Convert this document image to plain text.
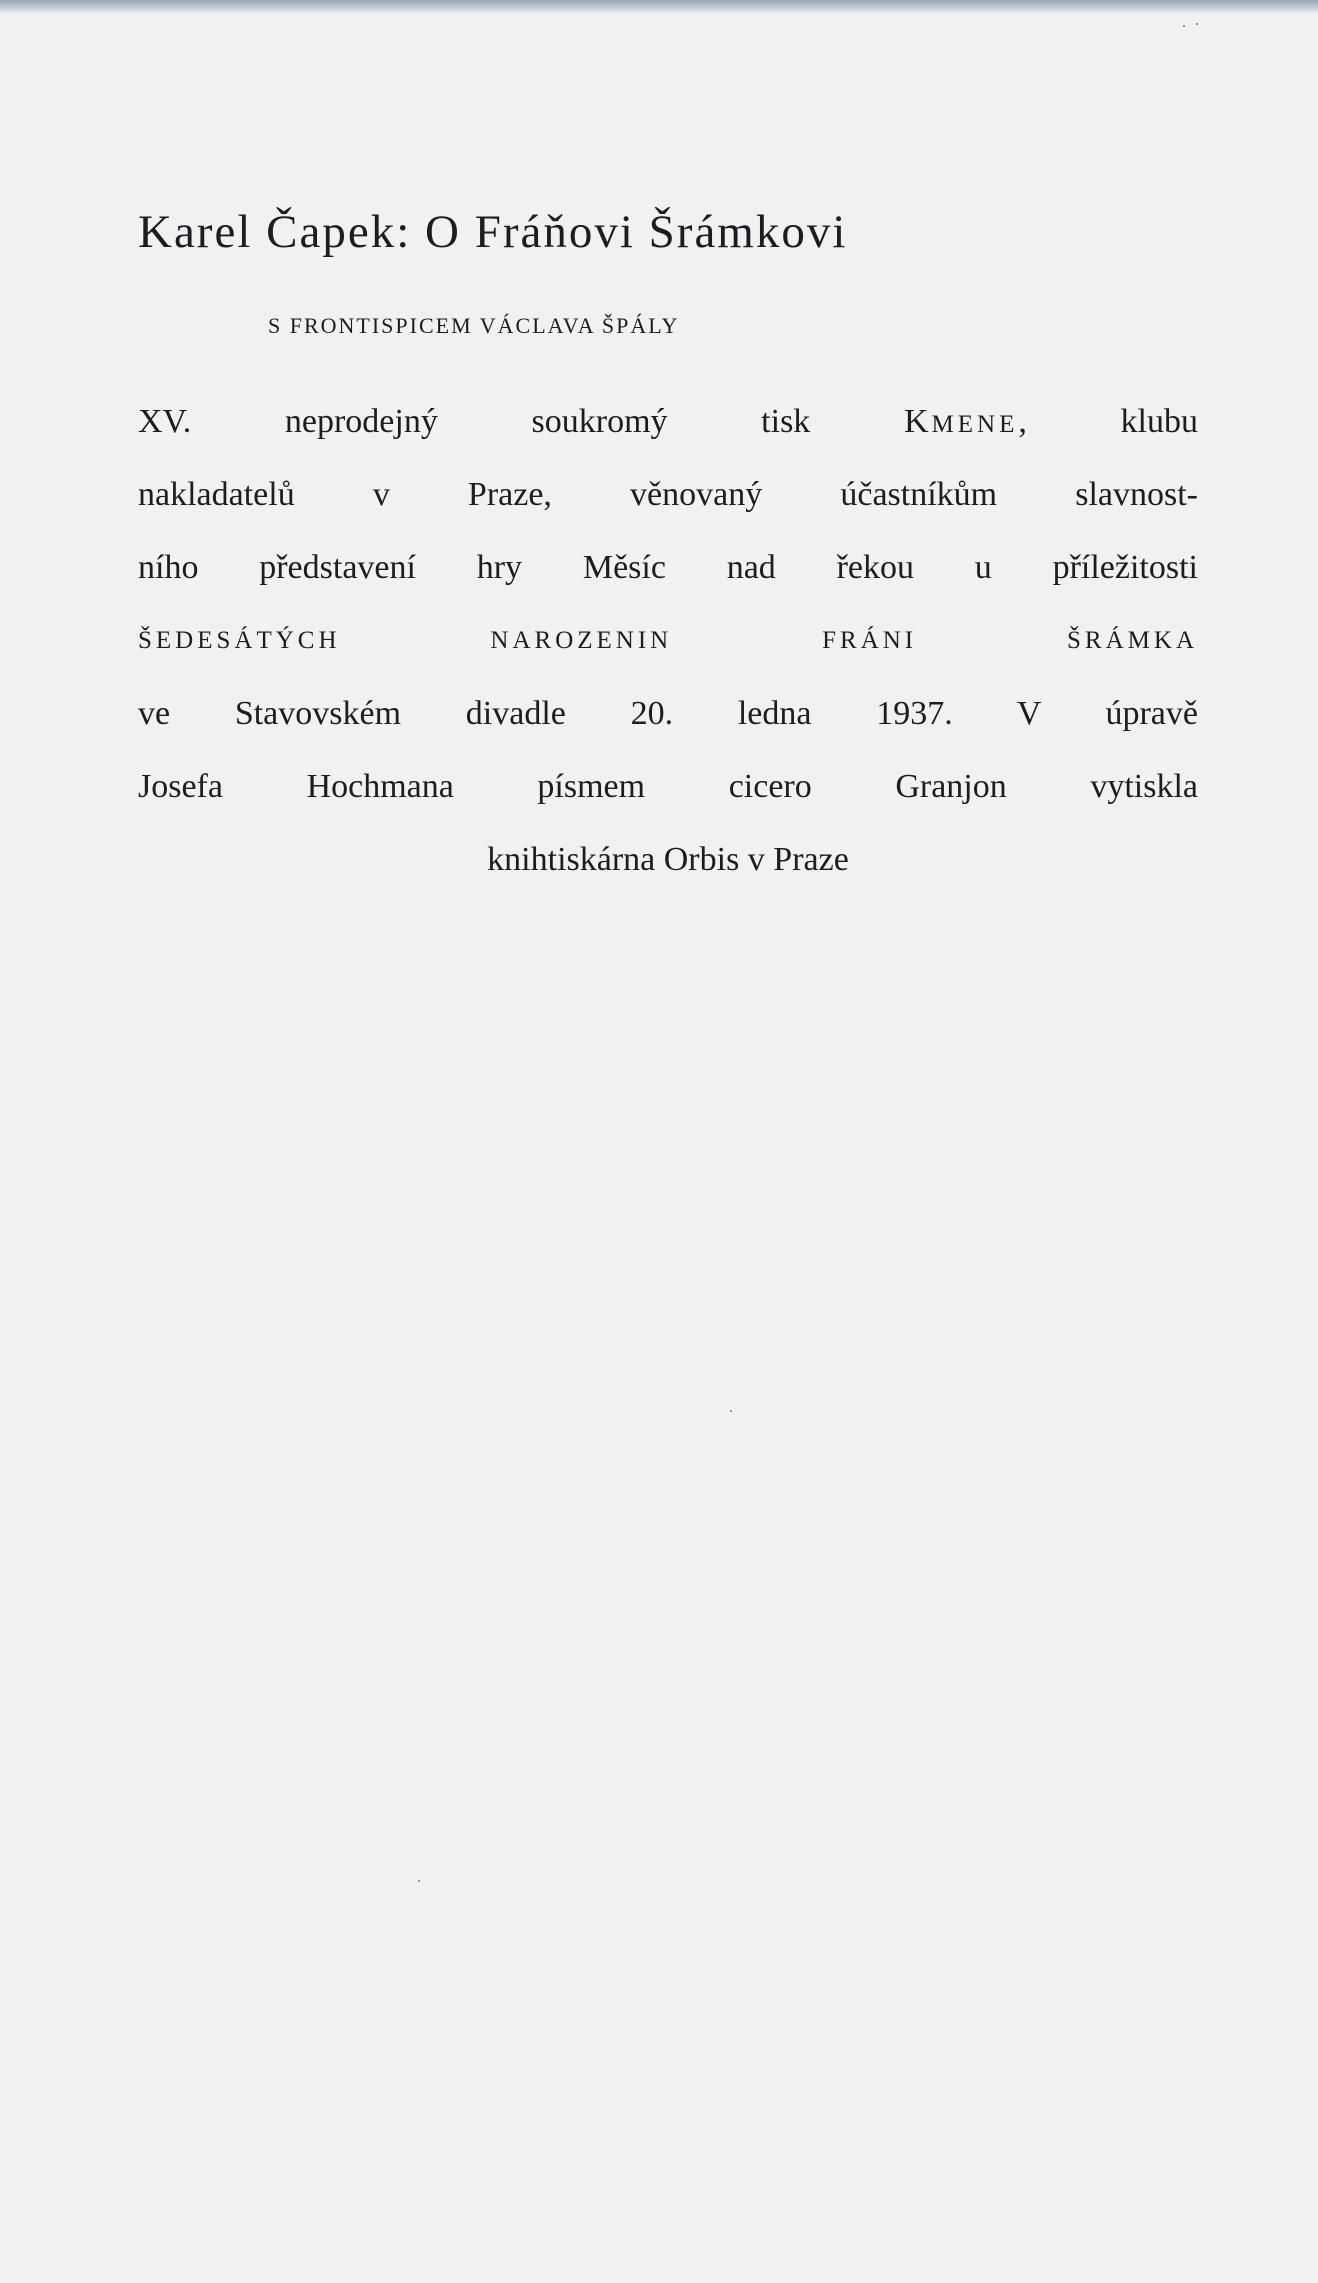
Karel Čapek: O Fráňovi Šrámkovi
S FRONTISPICEM VÁCLAVA ŠPÁLY
XV. neprodejný soukromý tisk KMENE, klubu
nakladatelů v Praze, věnovaný účastníkům slavnost-
ního představení hry Měsíc nad řekou u příležitosti
ŠEDESÁTÝCH NAROZENIN FRÁNI ŠRÁMKA
ve Stavovském divadle 20. ledna 1937. V úpravě
Josefa Hochmana písmem cicero Granjon vytiskla
knihtiskárna Orbis v Praze
